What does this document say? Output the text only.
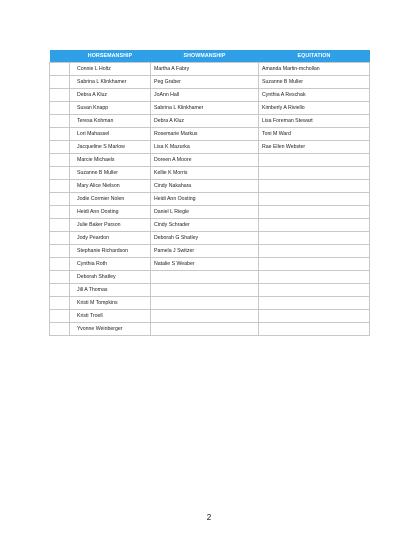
	HORSEMANSHIP	SHOWMANSHIP	EQUITATION
	Connie L Holtz	Martha A Fabry	Amanda Martin-mchollan
	Sabrina L Klinkhamer	Peg Graber	Suzanne B Muller
	Debra A Kluz	JoAnn Hall	Cynthia A Reschak
	Susan Knapp	Sabrina L Klinkhamer	Kimberly A Riviello
	Teresa Kohman	Debra A Kluz	Lisa Foreman Stewart
	Lori Mahassel	Rosemarie Markus	Toni M Ward
	Jacqueline S Marlow	Lisa K Mazurka	Rae Ellen Webster
	Marcie Michaels	Doreen A Moore	
	Suzanne B Muller	Kellie K Morris	
	Mary Alice Nielson	Cindy Nakahara	
	Jodie Cormier Nolen	Heidi Ann Oosting	
	Heidi Ann Oosting	Daniel L Riegle	
	Julie Baker Parson	Cindy Schrader	
	Jody Peardon	Deborah G Shatley	
	Stephanie Richardson	Pamela J Switzer	
	Cynthia Roth	Natalie S Weaber	
	Deborah Shatley		
	Jill A Thomas		
	Kristi M Tompkins		
	Kristi Troell		
	Yvonne Weinberger		
2
